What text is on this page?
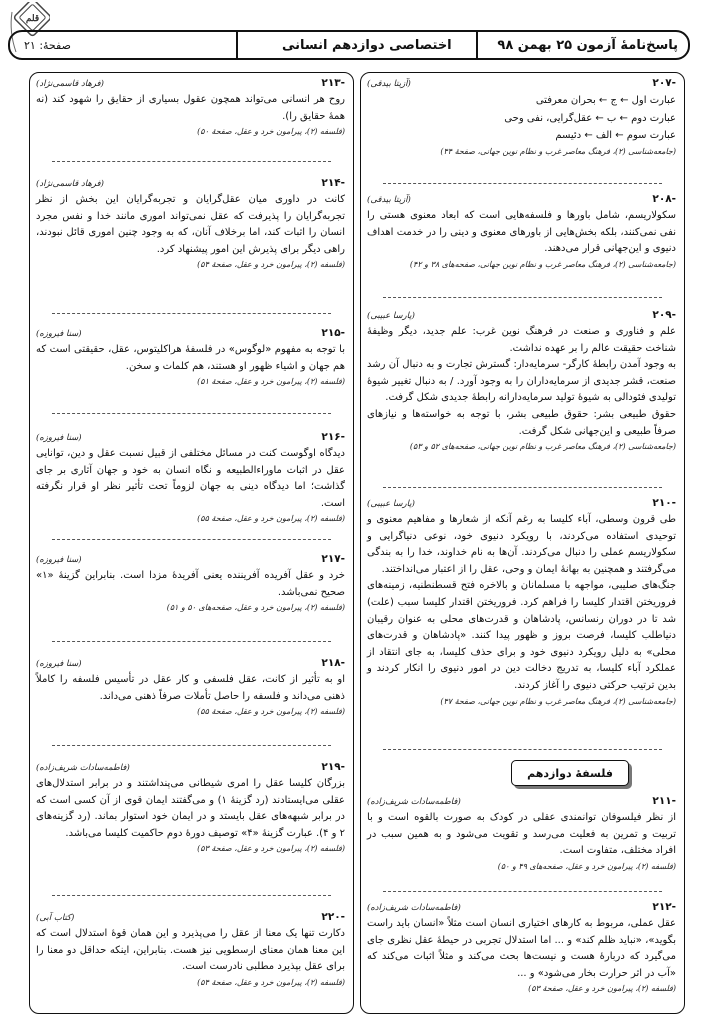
قلم
پاسخ‌نامهٔ آزمون ۲۵ بهمن ۹۸
اختصاصی دوازدهم انسانی
صفحهٔ: ۲۱
-۲۰۷
(آزیتا بیدقی)

عبارت اول ← ج ← بحران معرفتی

عبارت دوم ← ب ← عقل‌گرایی، نفی وحی

عبارت سوم ← الف ← دئیسم

(جامعه‌شناسی (۲)، فرهنگ معاصر غرب و نظام نوین جهانی، صفحهٔ ۴۴)
-۲۰۸
(آزیتا بیدقی)

سکولاریسم، شامل باورها و فلسفه‌هایی است که ابعاد معنوی هستی را نفی نمی‌کنند، بلکه بخش‌هایی از باورهای معنوی و دینی را در خدمت اهداف دنیوی و این‌جهانی قرار می‌دهند.

(جامعه‌شناسی (۲)، فرهنگ معاصر غرب و نظام نوین جهانی، صفحه‌های ۳۸ و ۴۲)
-۲۰۹
(پارسا عبیبی)

علم و فناوری و صنعت در فرهنگ نوین غرب: علم جدید، دیگر وظیفهٔ شناخت حقیقت عالم را بر عهده نداشت.

به وجود آمدن رابطهٔ کارگر- سرمایه‌دار: گسترش تجارت و به دنبال آن رشد صنعت، قشر جدیدی از سرمایه‌داران را به وجود آورد. / به دنبال تغییر شیوهٔ تولیدی فئودالی به شیوهٔ تولید سرمایه‌دارانه رابطهٔ جدیدی شکل گرفت.

حقوق طبیعی بشر: حقوق طبیعی بشر، با توجه به خواسته‌ها و نیازهای صرفاً طبیعی و این‌جهانی شکل گرفت.

(جامعه‌شناسی (۲)، فرهنگ معاصر غرب و نظام نوین جهانی، صفحه‌های ۵۲ و ۵۳)
-۲۱۰
(پارسا عبیبی)

طی قرون وسطی، آباء کلیسا به رغم آنکه از شعارها و مفاهیم معنوی و توحیدی استفاده می‌کردند، با رویکرد دنیوی خود، نوعی دنیاگرایی و سکولاریسم عملی را دنبال می‌کردند. آن‌ها به نام خداوند، خدا را به بندگی می‌گرفتند و همچنین به بهانهٔ ایمان و وحی، عقل را از اعتبار می‌انداختند.

جنگ‌های صلیبی، مواجهه با مسلمانان و بالاخره فتح قسطنطنیه، زمینه‌های فروریختن اقتدار کلیسا را فراهم کرد. فروریختن اقتدار کلیسا سبب (علت) شد تا در دوران رنسانس، پادشاهان و قدرت‌های محلی به عنوان رقیبان دنیاطلب کلیسا، فرصت بروز و ظهور پیدا کنند. «پادشاهان و قدرت‌های محلی» به دلیل رویکرد دنیوی خود و برای حذف کلیسا، به جای انتقاد از عملکرد آباء کلیسا، به تدریج دخالت دین در امور دنیوی را انکار کردند و بدین ترتیب حرکتی دنیوی را آغاز کردند.

(جامعه‌شناسی (۲)، فرهنگ معاصر غرب و نظام نوین جهانی، صفحهٔ ۴۷)
فلسفهٔ دوازدهم
-۲۱۱
(فاطمه‌سادات شریف‌زاده)

از نظر فیلسوفان توانمندی عقلی در کودک به صورت بالقوه است و با تربیت و تمرین به فعلیت می‌رسد و تقویت می‌شود و به همین سبب در افراد مختلف، متفاوت است.

(فلسفه (۲)، پیرامون خرد و عقل، صفحه‌های ۴۹ و ۵۰)
-۲۱۲
(فاطمه‌سادات شریف‌زاده)

عقل عملی، مربوط به کارهای اختیاری انسان است مثلاً «انسان باید راست بگوید»، «نباید ظلم کند» و ... اما استدلال تجربی در حیطهٔ عقل نظری جای می‌گیرد که دربارهٔ هست و نیست‌ها بحث می‌کند و مثلاً اثبات می‌کند که «آب در اثر حرارت بخار می‌شود» و ...

(فلسفه (۲)، پیرامون خرد و عقل، صفحهٔ ۵۳)
-۲۱۳
(فرهاد قاسمی‌نژاد)

روح هر انسانی می‌تواند همچون عقول بسیاری از حقایق را شهود کند (نه همهٔ حقایق را).

(فلسفه (۲)، پیرامون خرد و عقل، صفحهٔ ۵۰)
-۲۱۴
(فرهاد قاسمی‌نژاد)

کانت در داوری میان عقل‌گرایان و تجربه‌گرایان این بخش از نظر تجربه‌گرایان را پذیرفت که عقل نمی‌تواند اموری مانند خدا و نفس مجرد انسان را اثبات کند، اما برخلاف آنان، که به وجود چنین اموری قائل نبودند، راهی دیگر برای پذیرش این امور پیشنهاد کرد.

(فلسفه (۲)، پیرامون خرد و عقل، صفحهٔ ۵۴)
-۲۱۵
(سنا فیروزه)

با توجه به مفهوم «لوگوس» در فلسفهٔ هراکلیتوس، عقل، حقیقتی است که هم جهان و اشیاء ظهور او هستند، هم کلمات و سخن.

(فلسفه (۲)، پیرامون خرد و عقل، صفحهٔ ۵۱)
-۲۱۶
(سنا فیروزه)

دیدگاه اوگوست کنت در مسائل مختلفی از قبیل نسبت عقل و دین، توانایی عقل در اثبات ماوراءالطبیعه و نگاه انسان به خود و جهان آثاری بر جای گذاشت؛ اما دیدگاه دینی به جهان لزوماً تحت تأثیر نظر او قرار نگرفته است.

(فلسفه (۲)، پیرامون خرد و عقل، صفحهٔ ۵۵)
-۲۱۷
(سنا فیروزه)

خرد و عقل آفریده آفریننده یعنی آفریدهٔ مزدا است. بنابراین گزینهٔ «۱» صحیح نمی‌باشد.

(فلسفه (۲)، پیرامون خرد و عقل، صفحه‌های ۵۰ و ۵۱)
-۲۱۸
(سنا فیروزه)

او به تأثیر از کانت، عقل فلسفی و کار عقل در تأسیس فلسفه را کاملاً ذهنی می‌داند و فلسفه را حاصل تأملات صرفاً ذهنی می‌داند.

(فلسفه (۲)، پیرامون خرد و عقل، صفحهٔ ۵۵)
-۲۱۹
(فاطمه‌سادات شریف‌زاده)

بزرگان کلیسا عقل را امری شیطانی می‌پنداشتند و در برابر استدلال‌های عقلی می‌ایستادند (رد گزینهٔ ۱) و می‌گفتند ایمان قوی از آن کسی است که در برابر شبهه‌های عقل بایستد و در ایمان خود استوار بماند. (رد گزینه‌های ۲ و ۴). عبارت گزینهٔ «۴» توصیف دورهٔ دوم حاکمیت کلیسا می‌باشد.

(فلسفه (۲)، پیرامون خرد و عقل، صفحهٔ ۵۳)
-۲۲۰
(کتاب آبی)

دکارت تنها یک معنا از عقل را می‌پذیرد و این همان قوهٔ استدلال است که این معنا همان معنای ارسطویی نیز هست. بنابراین، اینکه حداقل دو معنا را برای عقل بپذیرد مطلبی نادرست است.

(فلسفه (۲)، پیرامون خرد و عقل، صفحهٔ ۵۴)
